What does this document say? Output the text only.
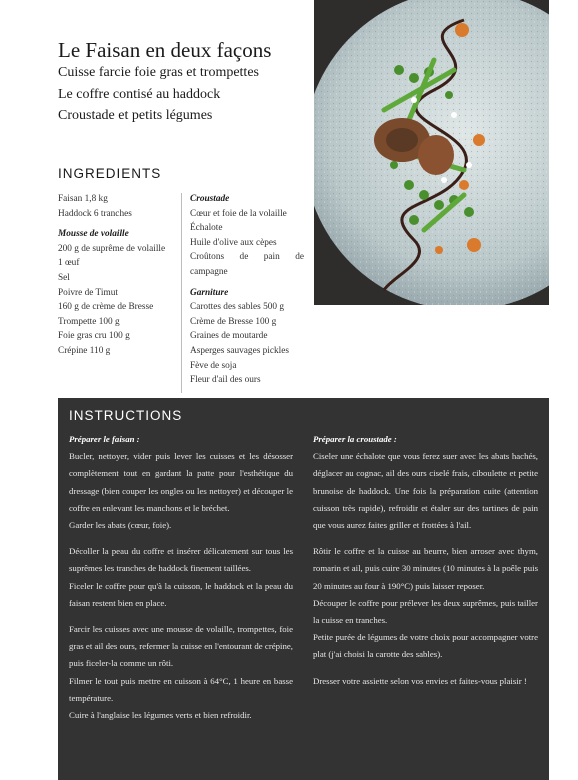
Le Faisan en deux façons
Cuisse farcie foie gras et trompettes
Le coffre contisé au haddock
Croustade et petits légumes
INGREDIENTS
Faisan 1,8 kg
Haddock 6 tranches
Mousse de volaille
200 g de suprême de volaille
1 œuf
Sel
Poivre de Timut
160 g de crème de Bresse
Trompette 100 g
Foie gras cru 100 g
Crépine 110 g
Croustade
Cœur et foie de la volaille
Échalote
Huile d'olive aux cèpes
Croûtons de pain de campagne
Garniture
Carottes des sables 500 g
Crème de Bresse 100 g
Graines de moutarde
Asperges sauvages pickles
Fève de soja
Fleur d'ail des ours
INSTRUCTIONS

Préparer le faisan :

Bucler, nettoyer, vider puis lever les cuisses et les désosser complètement tout en gardant la patte pour l'esthétique du dressage (bien couper les ongles ou les nettoyer) et découper le coffre en enlevant les manchons et le bréchet.

Garder les abats (cœur, foie).

Décoller la peau du coffre et insérer délicatement sur tous les suprêmes les tranches de haddock finement taillées.

Ficeler le coffre pour qu'à la cuisson, le haddock et la peau du faisan restent bien en place.

Farcir les cuisses avec une mousse de volaille, trompettes, foie gras et ail des ours, refermer la cuisse en l'entourant de crépine, puis ficeler-la comme un rôti.

Filmer le tout puis mettre en cuisson à 64°C, 1 heure en basse température.

Cuire à l'anglaise les légumes verts et bien refroidir.

Préparer la croustade :

Ciseler une échalote que vous ferez suer avec les abats hachés, déglacer au cognac, ail des ours ciselé frais, ciboulette et petite brunoise de haddock. Une fois la préparation cuite (attention cuisson très rapide), refroidir et étaler sur des tartines de pain que vous aurez faites griller et frottées à l'ail.

Rôtir le coffre et la cuisse au beurre, bien arroser avec thym, romarin et ail, puis cuire 30 minutes (10 minutes à la poêle puis 20 minutes au four à 190°C) puis laisser reposer.

Découper le coffre pour prélever les deux suprêmes, puis tailler la cuisse en tranches.

Petite purée de légumes de votre choix pour accompagner votre plat (j'ai choisi la carotte des sables).

Dresser votre assiette selon vos envies et faites-vous plaisir !
